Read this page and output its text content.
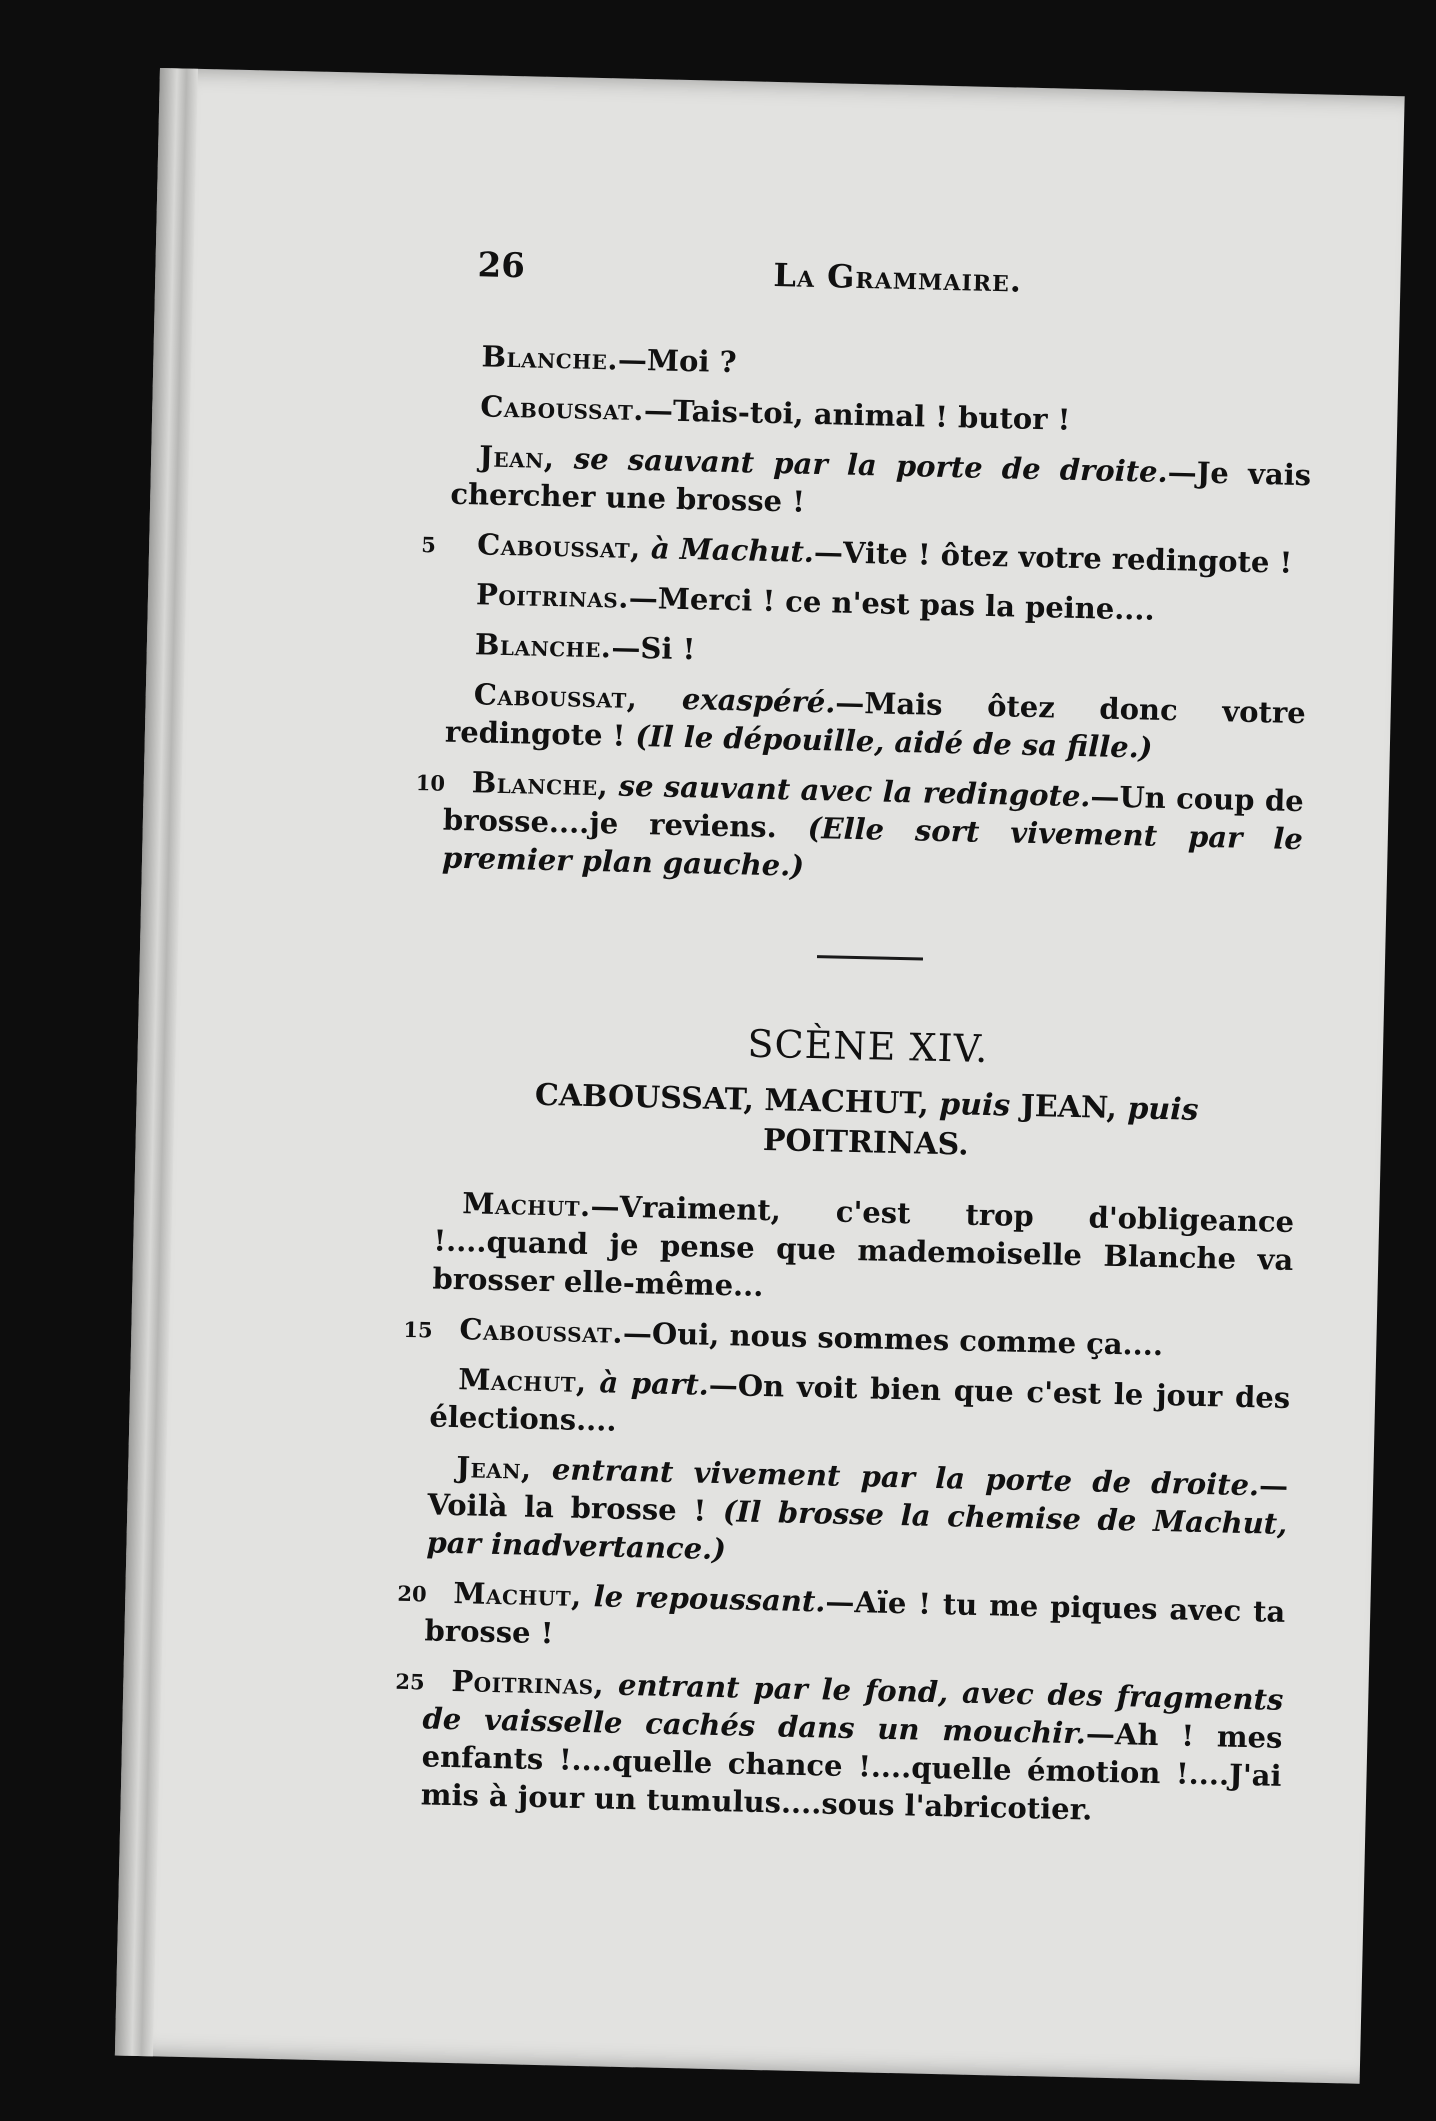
26	La Grammaire.

Blanche.—Moi ?

Caboussat.—Tais-toi, animal ! butor !

Jean, se sauvant par la porte de droite.—Je vais chercher une brosse !

5 Caboussat, à Machut.—Vite ! ôtez votre redingote !

Poitrinas.—Merci ! ce n'est pas la peine....

Blanche.—Si !

Caboussat, exaspéré.—Mais ôtez donc votre redingote ! (Il le dépouille, aidé de sa fille.)

10 Blanche, se sauvant avec la redingote.—Un coup de brosse....je reviens. (Elle sort vivement par le premier plan gauche.)

SCÈNE XIV.

CABOUSSAT, MACHUT, puis JEAN, puis POITRINAS.

Machut.—Vraiment, c'est trop d'obligeance !....quand je pense que mademoiselle Blanche va brosser elle-même...

15 Caboussat.—Oui, nous sommes comme ça....

Machut, à part.—On voit bien que c'est le jour des élections....

Jean, entrant vivement par la porte de droite.—Voilà la brosse ! (Il brosse la chemise de Machut, par inadvertance.)

20 Machut, le repoussant.—Aïe ! tu me piques avec ta brosse !

25 Poitrinas, entrant par le fond, avec des fragments de vaisselle cachés dans un mouchir.—Ah ! mes enfants !....quelle chance !....quelle émotion !....J'ai mis à jour un tumulus....sous l'abricotier.
